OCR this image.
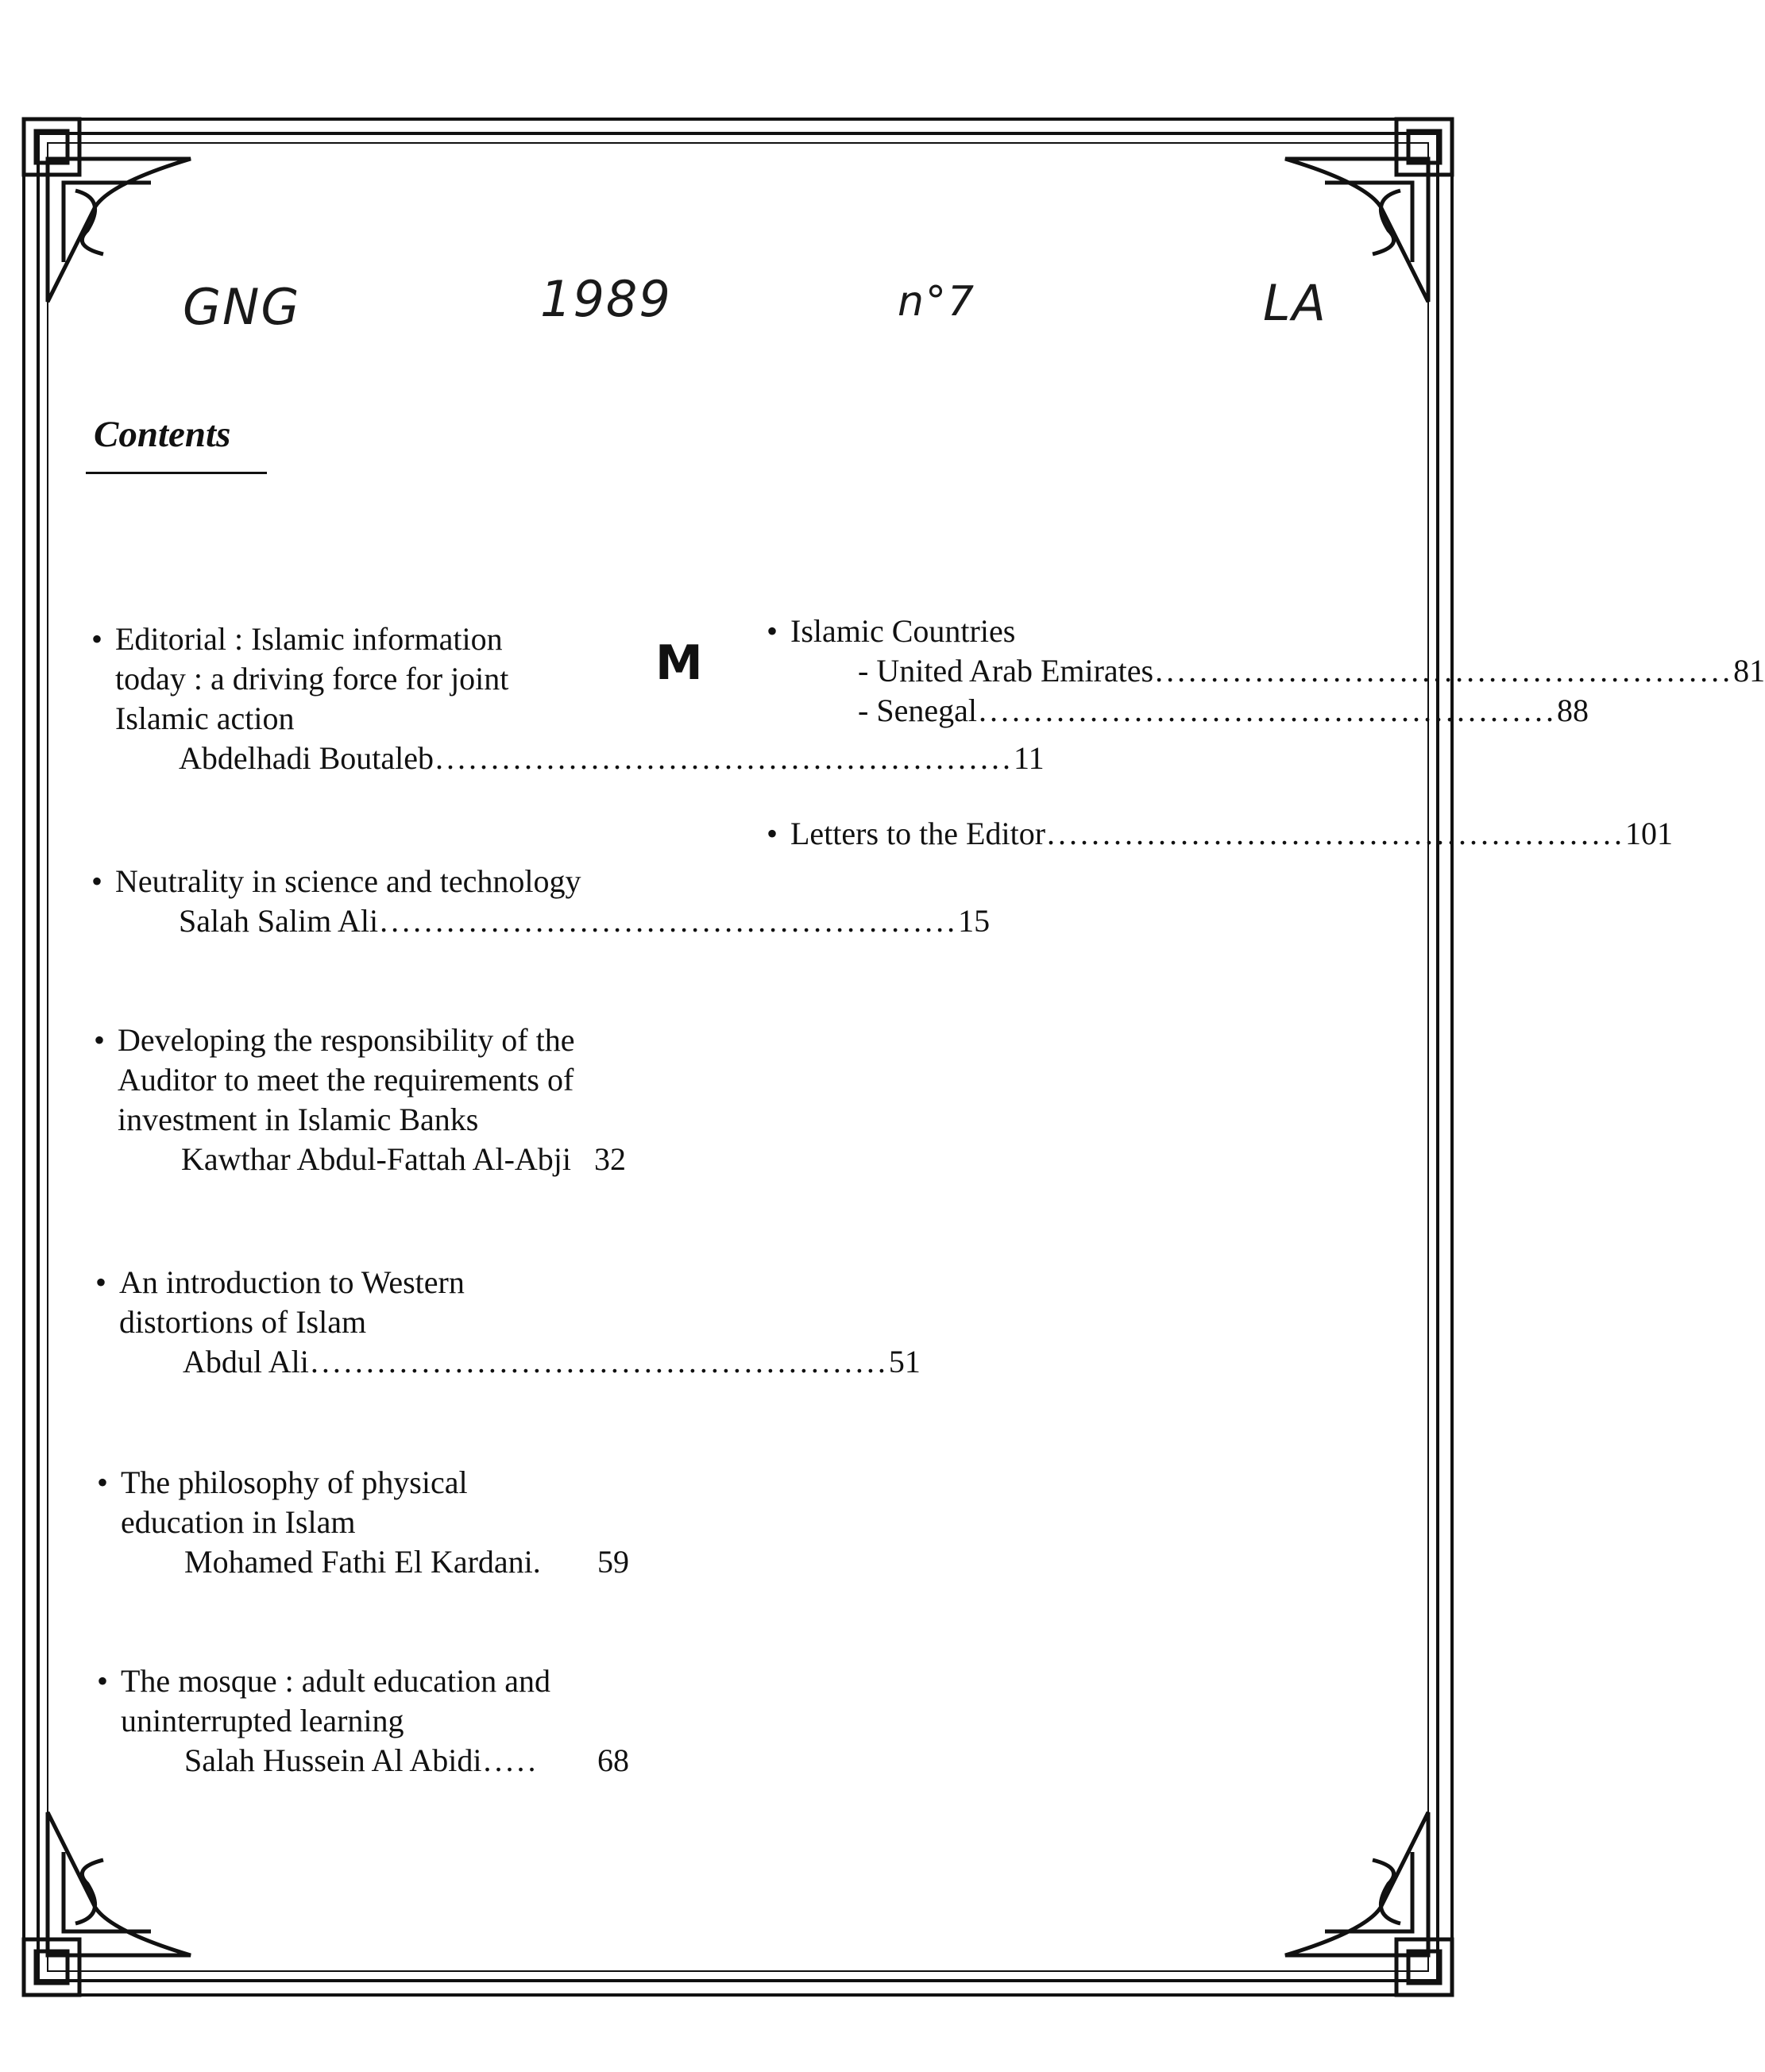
GNG	1989	n°7	LA
M
Contents
• Editorial : Islamic information
today : a driving force for joint
Islamic action
Abdelhadi Boutaleb .................................................... 11
• Neutrality in science and technology
Salah Salim Ali .................................................... 15
• Developing the responsibility of the
Auditor to meet the requirements of
investment in Islamic Banks
Kawthar Abdul-Fattah Al-Abji 32
• An introduction to Western
distortions of Islam
Abdul Ali .................................................... 51
• The philosophy of physical
education in Islam
Mohamed Fathi El Kardani.	59
• The mosque : adult education and
uninterrupted learning
Salah Hussein Al Abidi .....	68
• Islamic Countries
- United Arab Emirates .................................................... 81
- Senegal .................................................... 88
• Letters to the Editor .................................................... 101
